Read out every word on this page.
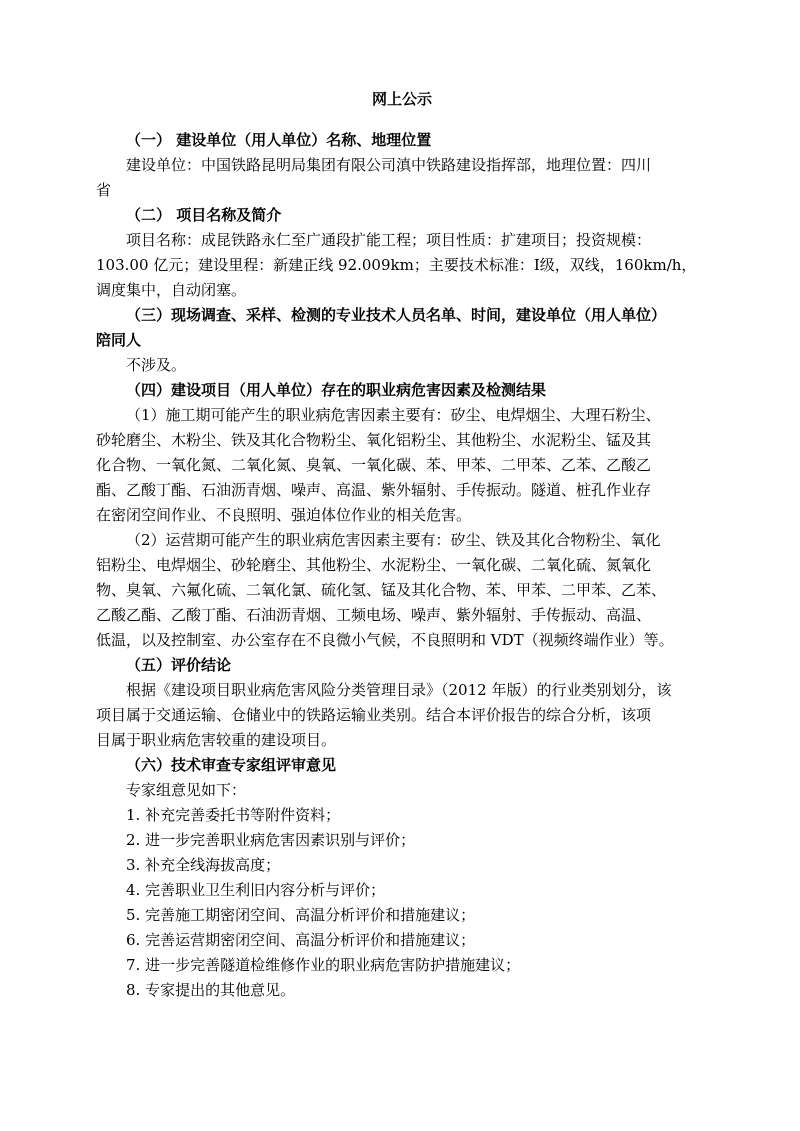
网上公示
（一） 建设单位（用人单位）名称、地理位置
建设单位：中国铁路昆明局集团有限公司滇中铁路建设指挥部，地理位置：四川
省
（二） 项目名称及简介
项目名称：成昆铁路永仁至广通段扩能工程；项目性质：扩建项目；投资规模：
103.00 亿元；建设里程：新建正线 92.009km；主要技术标准：Ⅰ级，双线，160km/h，
调度集中，自动闭塞。
（三）现场调查、采样、检测的专业技术人员名单、时间，建设单位（用人单位）
陪同人
不涉及。
（四）建设项目（用人单位）存在的职业病危害因素及检测结果
（1）施工期可能产生的职业病危害因素主要有：矽尘、电焊烟尘、大理石粉尘、
砂轮磨尘、木粉尘、铁及其化合物粉尘、氧化铝粉尘、其他粉尘、水泥粉尘、锰及其
化合物、一氧化氮、二氧化氮、臭氧、一氧化碳、苯、甲苯、二甲苯、乙苯、乙酸乙
酯、乙酸丁酯、石油沥青烟、噪声、高温、紫外辐射、手传振动。隧道、桩孔作业存
在密闭空间作业、不良照明、强迫体位作业的相关危害。
（2）运营期可能产生的职业病危害因素主要有：矽尘、铁及其化合物粉尘、氧化
铝粉尘、电焊烟尘、砂轮磨尘、其他粉尘、水泥粉尘、一氧化碳、二氧化硫、氮氧化
物、臭氧、六氟化硫、二氧化氯、硫化氢、锰及其化合物、苯、甲苯、二甲苯、乙苯、
乙酸乙酯、乙酸丁酯、石油沥青烟、工频电场、噪声、紫外辐射、手传振动、高温、
低温，以及控制室、办公室存在不良微小气候，不良照明和 VDT（视频终端作业）等。
（五）评价结论
根据《建设项目职业病危害风险分类管理目录》（2012 年版）的行业类别划分，该
项目属于交通运输、仓储业中的铁路运输业类别。结合本评价报告的综合分析，该项
目属于职业病危害较重的建设项目。
（六）技术审查专家组评审意见
专家组意见如下：
1. 补充完善委托书等附件资料；
2. 进一步完善职业病危害因素识别与评价；
3. 补充全线海拔高度；
4. 完善职业卫生利旧内容分析与评价；
5. 完善施工期密闭空间、高温分析评价和措施建议；
6. 完善运营期密闭空间、高温分析评价和措施建议；
7. 进一步完善隧道检维修作业的职业病危害防护措施建议；
8. 专家提出的其他意见。
